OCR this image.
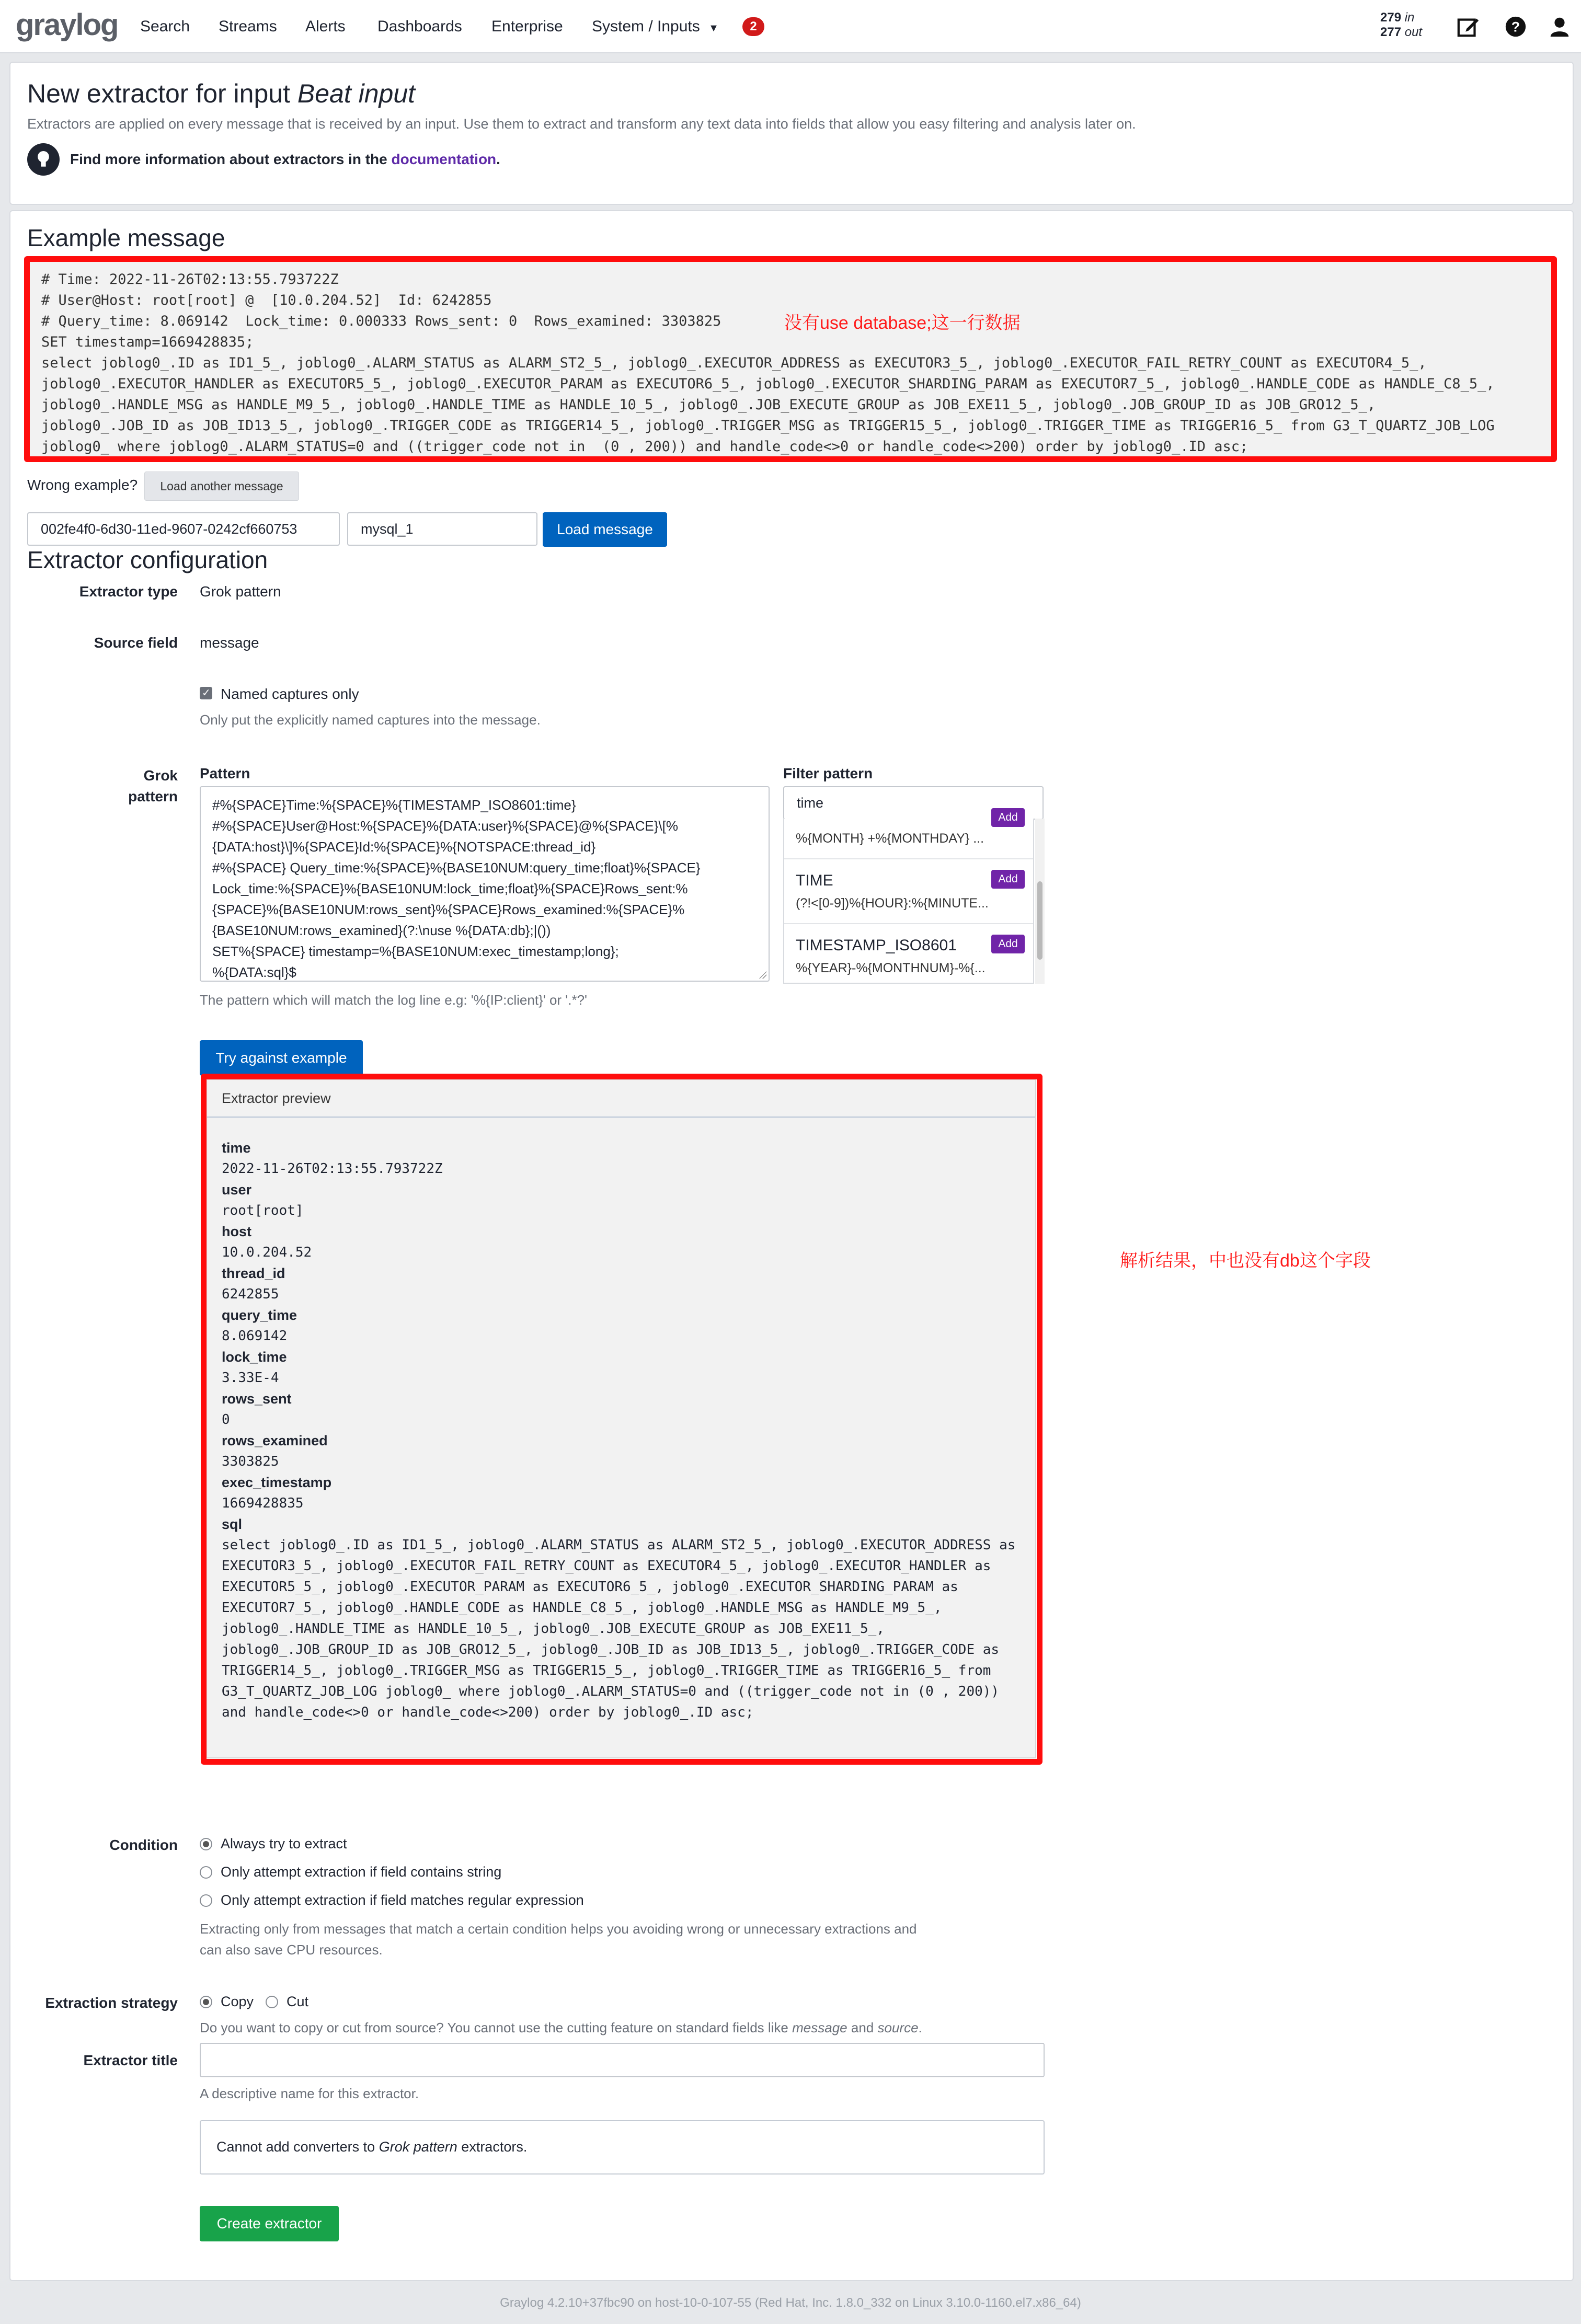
graylog Search Streams Alerts Dashboards Enterprise System / Inputs ▼	2
279 in
277 out	?
New extractor for input Beat input
Extractors are applied on every message that is received by an input. Use them to extract and transform any text data into fields that allow you easy filtering and analysis later on.
Find more information about extractors in the
documentation .
Example message
# Time: 2022-11-26T02:13:55.793722Z
# User@Host: root[root] @  [10.0.204.52]  Id: 6242855
# Query_time: 8.069142  Lock_time: 0.000333 Rows_sent: 0  Rows_examined: 3303825
SET timestamp=1669428835;
select joblog0_.ID as ID1_5_, joblog0_.ALARM_STATUS as ALARM_ST2_5_, joblog0_.EXECUTOR_ADDRESS as EXECUTOR3_5_, joblog0_.EXECUTOR_FAIL_RETRY_COUNT as EXECUTOR4_5_,
joblog0_.EXECUTOR_HANDLER as EXECUTOR5_5_, joblog0_.EXECUTOR_PARAM as EXECUTOR6_5_, joblog0_.EXECUTOR_SHARDING_PARAM as EXECUTOR7_5_, joblog0_.HANDLE_CODE as HANDLE_C8_5_,
joblog0_.HANDLE_MSG as HANDLE_M9_5_, joblog0_.HANDLE_TIME as HANDLE_10_5_, joblog0_.JOB_EXECUTE_GROUP as JOB_EXE11_5_, joblog0_.JOB_GROUP_ID as JOB_GRO12_5_,
joblog0_.JOB_ID as JOB_ID13_5_, joblog0_.TRIGGER_CODE as TRIGGER14_5_, joblog0_.TRIGGER_MSG as TRIGGER15_5_, joblog0_.TRIGGER_TIME as TRIGGER16_5_ from G3_T_QUARTZ_JOB_LOG
joblog0_ where joblog0_.ALARM_STATUS=0 and ((trigger_code not in  (0 , 200)) and handle_code<>0 or handle_code<>200) order by joblog0_.ID asc;
没有use database;这一行数据
Wrong example?	Load another message
002fe4f0-6d30-11ed-9607-0242cf660753	mysql_1	Load message
Extractor configuration
Extractor type Grok pattern
Source field message
✓
Named captures only
Only put the explicitly named captures into the message.
Grok
pattern
Pattern
#%{SPACE}Time:%{SPACE}%{TIMESTAMP_ISO8601:time}
#%{SPACE}User@Host:%{SPACE}%{DATA:user}%{SPACE}@%{SPACE}\[%
{DATA:host}\]%{SPACE}Id:%{SPACE}%{NOTSPACE:thread_id}
#%{SPACE} Query_time:%{SPACE}%{BASE10NUM:query_time;float}%{SPACE}
Lock_time:%{SPACE}%{BASE10NUM:lock_time;float}%{SPACE}Rows_sent:%
{SPACE}%{BASE10NUM:rows_sent}%{SPACE}Rows_examined:%{SPACE}%
{BASE10NUM:rows_examined}(?:\nuse %{DATA:db};|())
SET%{SPACE} timestamp=%{BASE10NUM:exec_timestamp;long};
%{DATA:sql}$
The pattern which will match the log line e.g: '%{IP:client}' or '.*?'
Filter pattern
time
Add
%{MONTH} +%{MONTHDAY} ...
TIME	Add
(?!<[0-9])%{HOUR}:%{MINUTE...
TIMESTAMP_ISO8601	Add
%{YEAR}-%{MONTHNUM}-%{...
Try against example
Extractor preview
time
2022-11-26T02:13:55.793722Z
user
root[root]
host
10.0.204.52
thread_id
6242855
query_time
8.069142
lock_time
3.33E-4
rows_sent
0
rows_examined
3303825
exec_timestamp
1669428835
sql
select joblog0_.ID as ID1_5_, joblog0_.ALARM_STATUS as ALARM_ST2_5_, joblog0_.EXECUTOR_ADDRESS as EXECUTOR3_5_, joblog0_.EXECUTOR_FAIL_RETRY_COUNT as EXECUTOR4_5_, joblog0_.EXECUTOR_HANDLER as EXECUTOR5_5_, joblog0_.EXECUTOR_PARAM as EXECUTOR6_5_, joblog0_.EXECUTOR_SHARDING_PARAM as EXECUTOR7_5_, joblog0_.HANDLE_CODE as HANDLE_C8_5_, joblog0_.HANDLE_MSG as HANDLE_M9_5_, joblog0_.HANDLE_TIME as HANDLE_10_5_, joblog0_.JOB_EXECUTE_GROUP as JOB_EXE11_5_, joblog0_.JOB_GROUP_ID as JOB_GRO12_5_, joblog0_.JOB_ID as JOB_ID13_5_, joblog0_.TRIGGER_CODE as TRIGGER14_5_, joblog0_.TRIGGER_MSG as TRIGGER15_5_, joblog0_.TRIGGER_TIME as TRIGGER16_5_ from G3_T_QUARTZ_JOB_LOG joblog0_ where joblog0_.ALARM_STATUS=0 and ((trigger_code not in (0 , 200)) and handle_code<>0 or handle_code<>200) order by joblog0_.ID asc;
解析结果，中也没有db这个字段
Condition	Always try to extract
Only attempt extraction if field contains string
Only attempt extraction if field matches regular expression
Extracting only from messages that match a certain condition helps you avoiding wrong or unnecessary extractions and
can also save CPU resources.
Extraction strategy	Copy Cut
Do you want to copy or cut from source? You cannot use the cutting feature on standard fields like message and source.
Extractor title
A descriptive name for this extractor.
Cannot add converters to Grok pattern extractors.
Create extractor
Graylog 4.2.10+37fbc90 on host-10-0-107-55 (Red Hat, Inc. 1.8.0_332 on Linux 3.10.0-1160.el7.x86_64)
